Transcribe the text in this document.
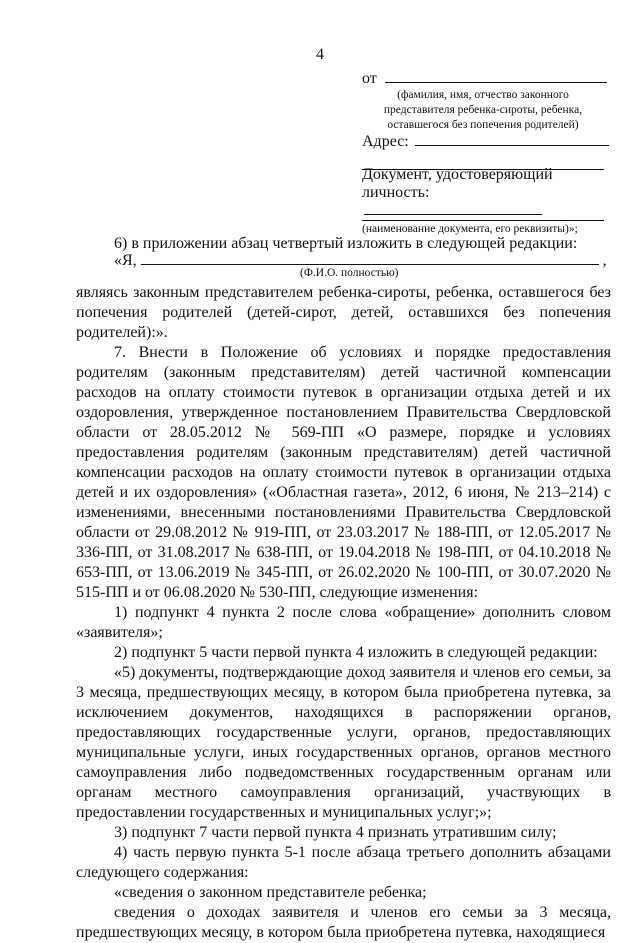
4
от
(фамилия, имя, отчество законного представителя ребенка-сироты, ребенка, оставшегося без попечения родителей)
Адрес:
Документ, удостоверяющий
личность:
(наименование документа, его реквизиты)»;

6) в приложении абзац четвертый изложить в следующей редакции:

«Я,	,
(Ф.И.О. полностью)

являясь законным представителем ребенка-сироты, ребенка, оставшегося без попечения родителей (детей-сирот, детей, оставшихся без попечения родителей):».

7. Внести в Положение об условиях и порядке предоставления родителям (законным представителям) детей частичной компенсации расходов на оплату стоимости путевок в организации отдыха детей и их оздоровления, утвержденное постановлением Правительства Свердловской области от 28.05.2012 № 569-ПП «О размере, порядке и условиях предоставления родителям (законным представителям) детей частичной компенсации расходов на оплату стоимости путевок в организации отдыха детей и их оздоровления» («Областная газета», 2012, 6 июня, № 213–214) с изменениями, внесенными постановлениями Правительства Свердловской области от 29.08.2012 № 919-ПП, от 23.03.2017 № 188-ПП, от 12.05.2017 № 336-ПП, от 31.08.2017 № 638-ПП, от 19.04.2018 № 198-ПП, от 04.10.2018 № 653-ПП, от 13.06.2019 № 345-ПП, от 26.02.2020 № 100-ПП, от 30.07.2020 № 515-ПП и от 06.08.2020 № 530-ПП, следующие изменения:

1) подпункт 4 пункта 2 после слова «обращение» дополнить словом «заявителя»;

2) подпункт 5 части первой пункта 4 изложить в следующей редакции:

«5) документы, подтверждающие доход заявителя и членов его семьи, за 3 месяца, предшествующих месяцу, в котором была приобретена путевка, за исключением документов, находящихся в распоряжении органов, предоставляющих государственные услуги, органов, предоставляющих муниципальные услуги, иных государственных органов, органов местного самоуправления либо подведомственных государственным органам или органам местного самоуправления организаций, участвующих в предоставлении государственных и муниципальных услуг;»;

3) подпункт 7 части первой пункта 4 признать утратившим силу;

4) часть первую пункта 5-1 после абзаца третьего дополнить абзацами следующего содержания:

«сведения о законном представителе ребенка;

сведения о доходах заявителя и членов его семьи за 3 месяца, предшествующих месяцу, в котором была приобретена путевка, находящиеся
